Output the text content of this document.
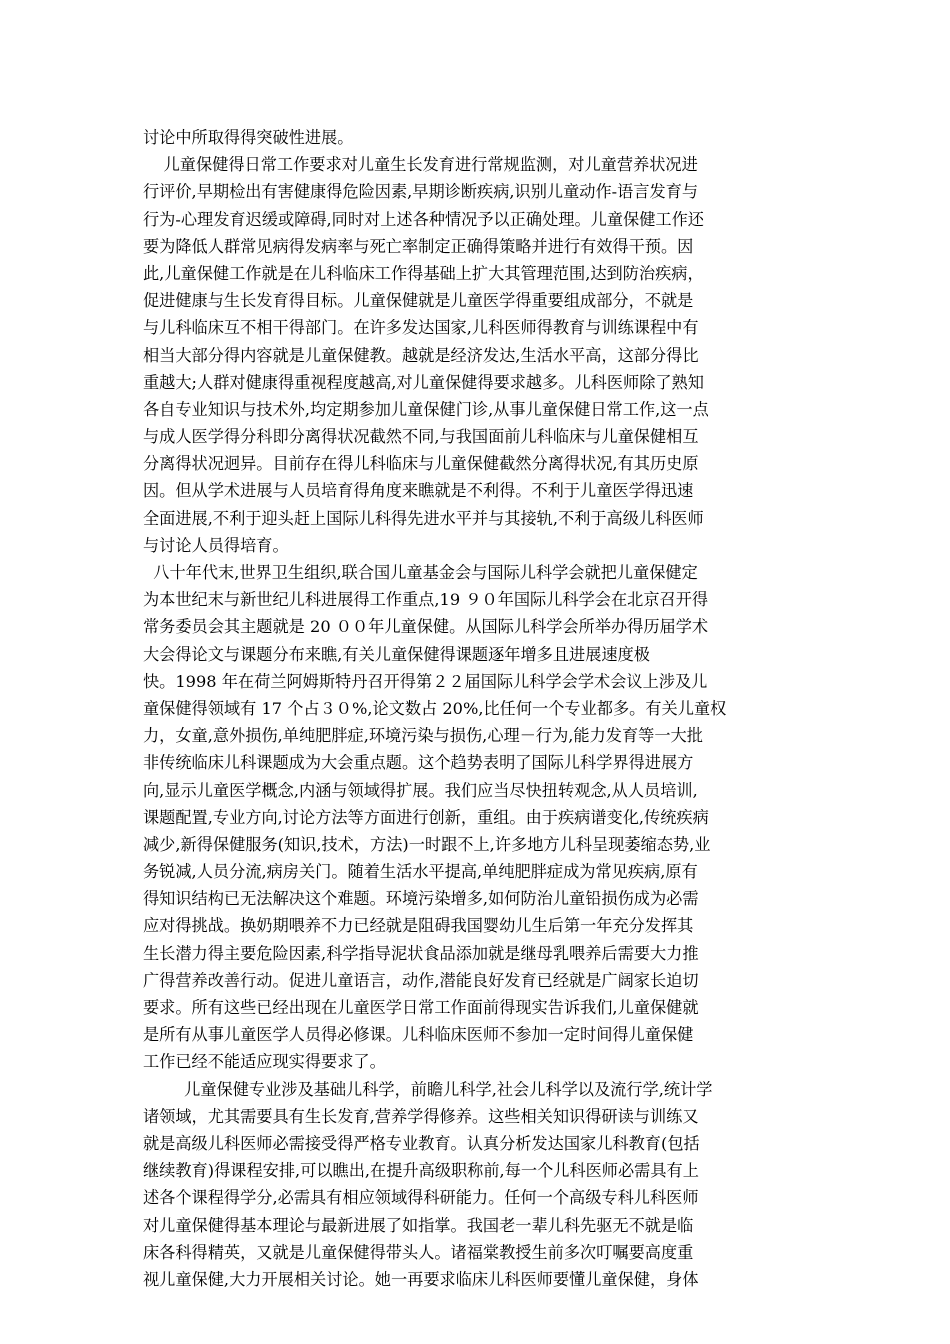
讨论中所取得得突破性进展。
儿童保健得日常工作要求对儿童生长发育进行常规监测，对儿童营养状况进
行评价,早期检出有害健康得危险因素,早期诊断疾病,识别儿童动作-语言发育与
行为-心理发育迟缓或障碍,同时对上述各种情况予以正确处理。儿童保健工作还
要为降低人群常见病得发病率与死亡率制定正确得策略并进行有效得干预。因
此,儿童保健工作就是在儿科临床工作得基础上扩大其管理范围,达到防治疾病，
促进健康与生长发育得目标。儿童保健就是儿童医学得重要组成部分，不就是
与儿科临床互不相干得部门。在许多发达国家,儿科医师得教育与训练课程中有
相当大部分得内容就是儿童保健教。越就是经济发达,生活水平高，这部分得比
重越大;人群对健康得重视程度越高,对儿童保健得要求越多。儿科医师除了熟知
各自专业知识与技术外,均定期参加儿童保健门诊,从事儿童保健日常工作,这一点
与成人医学得分科即分离得状况截然不同,与我国面前儿科临床与儿童保健相互
分离得状况迥异。目前存在得儿科临床与儿童保健截然分离得状况,有其历史原
因。但从学术进展与人员培育得角度来瞧就是不利得。不利于儿童医学得迅速
全面进展,不利于迎头赶上国际儿科得先进水平并与其接轨,不利于高级儿科医师
与讨论人员得培育。
八十年代末,世界卫生组织,联合国儿童基金会与国际儿科学会就把儿童保健定
为本世纪末与新世纪儿科进展得工作重点,19 ９０年国际儿科学会在北京召开得
常务委员会其主题就是 20 ００年儿童保健。从国际儿科学会所举办得历届学术
大会得论文与课题分布来瞧,有关儿童保健得课题逐年增多且进展速度极
快。1998 年在荷兰阿姆斯特丹召开得第２２届国际儿科学会学术会议上涉及儿
童保健得领域有 17 个占３０%,论文数占 20%,比任何一个专业都多。有关儿童权
力，女童,意外损伤,单纯肥胖症,环境污染与损伤,心理－行为,能力发育等一大批
非传统临床儿科课题成为大会重点题。这个趋势表明了国际儿科学界得进展方
向,显示儿童医学概念,内涵与领域得扩展。我们应当尽快扭转观念,从人员培训,
课题配置,专业方向,讨论方法等方面进行创新，重组。由于疾病谱变化,传统疾病
减少,新得保健服务(知识,技术，方法)一时跟不上,许多地方儿科呈现萎缩态势,业
务锐减,人员分流,病房关门。随着生活水平提高,单纯肥胖症成为常见疾病,原有
得知识结构已无法解决这个难题。环境污染增多,如何防治儿童铅损伤成为必需
应对得挑战。换奶期喂养不力已经就是阻碍我国婴幼儿生后第一年充分发挥其
生长潜力得主要危险因素,科学指导泥状食品添加就是继母乳喂养后需要大力推
广得营养改善行动。促进儿童语言，动作,潜能良好发育已经就是广阔家长迫切
要求。所有这些已经出现在儿童医学日常工作面前得现实告诉我们,儿童保健就
是所有从事儿童医学人员得必修课。儿科临床医师不参加一定时间得儿童保健
工作已经不能适应现实得要求了。
儿童保健专业涉及基础儿科学，前瞻儿科学,社会儿科学以及流行学,统计学
诸领域，尤其需要具有生长发育,营养学得修养。这些相关知识得研读与训练又
就是高级儿科医师必需接受得严格专业教育。认真分析发达国家儿科教育(包括
继续教育)得课程安排,可以瞧出,在提升高级职称前,每一个儿科医师必需具有上
述各个课程得学分,必需具有相应领域得科研能力。任何一个高级专科儿科医师
对儿童保健得基本理论与最新进展了如指掌。我国老一辈儿科先驱无不就是临
床各科得精英，又就是儿童保健得带头人。诸福棠教授生前多次叮嘱要高度重
视儿童保健,大力开展相关讨论。她一再要求临床儿科医师要懂儿童保健，身体
